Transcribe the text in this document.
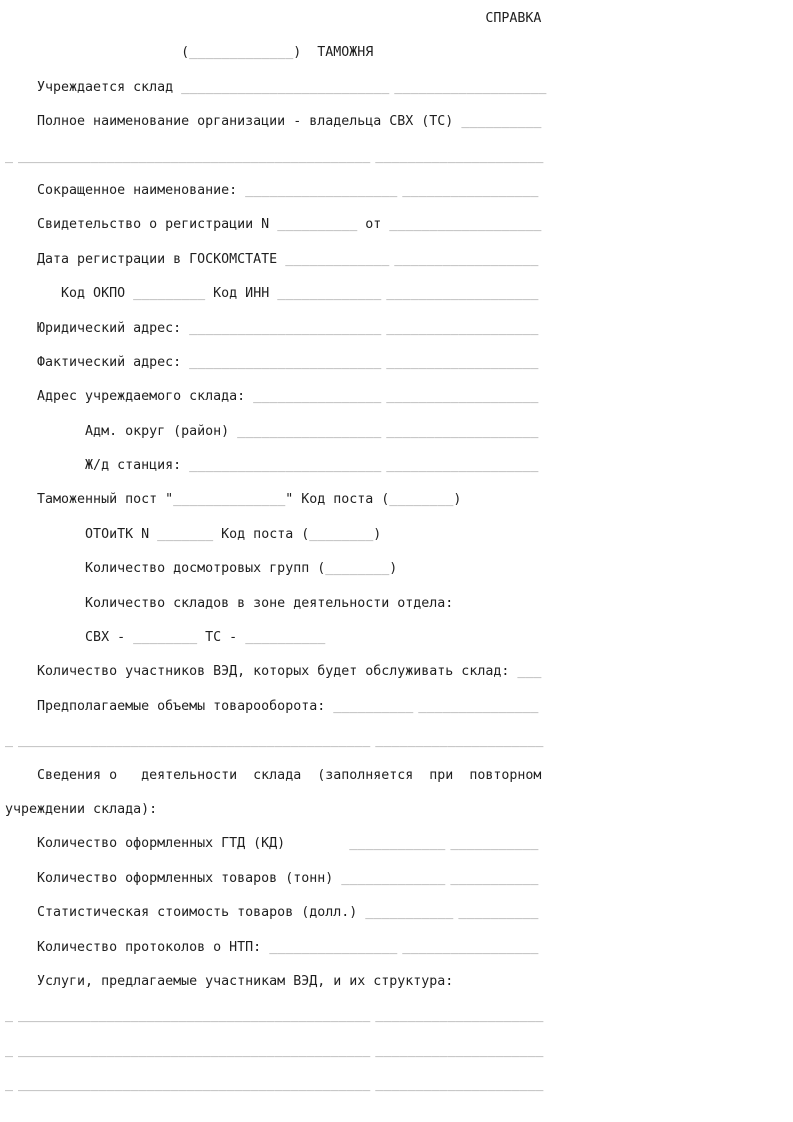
СПРАВКА
(_____________)  ТАМОЖНЯ
Учреждается склад __________________________ ___________________
Полное наименование организации - владельца СВХ (ТС) __________
_ ____________________________________________ _____________________
Сокращенное наименование: ___________________ _________________
Свидетельство о регистрации N __________ от ___________________
Дата регистрации в ГОСКОМСТАТЕ _____________ __________________
Код ОКПО _________ Код ИНН _____________ ___________________
Юридический адрес: ________________________ ___________________
Фактический адрес: ________________________ ___________________
Адрес учреждаемого склада: ________________ ___________________
Адм. округ (район) __________________ ___________________
Ж/д станция: ________________________ ___________________
Таможенный пост "______________" Код поста (________)
ОТОиТК N _______ Код поста (________)
Количество досмотровых групп (________)
Количество складов в зоне деятельности отдела:
СВХ - ________ ТС - __________
Количество участников ВЭД, которых будет обслуживать склад: ___
Предполагаемые объемы товарооборота: __________ _______________
_ ____________________________________________ _____________________
Сведения о   деятельности  склада  (заполняется  при  повторном
учреждении склада):
Количество оформленных ГТД (КД)        ____________ ___________
Количество оформленных товаров (тонн) _____________ ___________
Статистическая стоимость товаров (долл.) ___________ __________
Количество протоколов о НТП: ________________ _________________
Услуги, предлагаемые участникам ВЭД, и их структура:
_ ____________________________________________ _____________________
_ ____________________________________________ _____________________
_ ____________________________________________ _____________________
